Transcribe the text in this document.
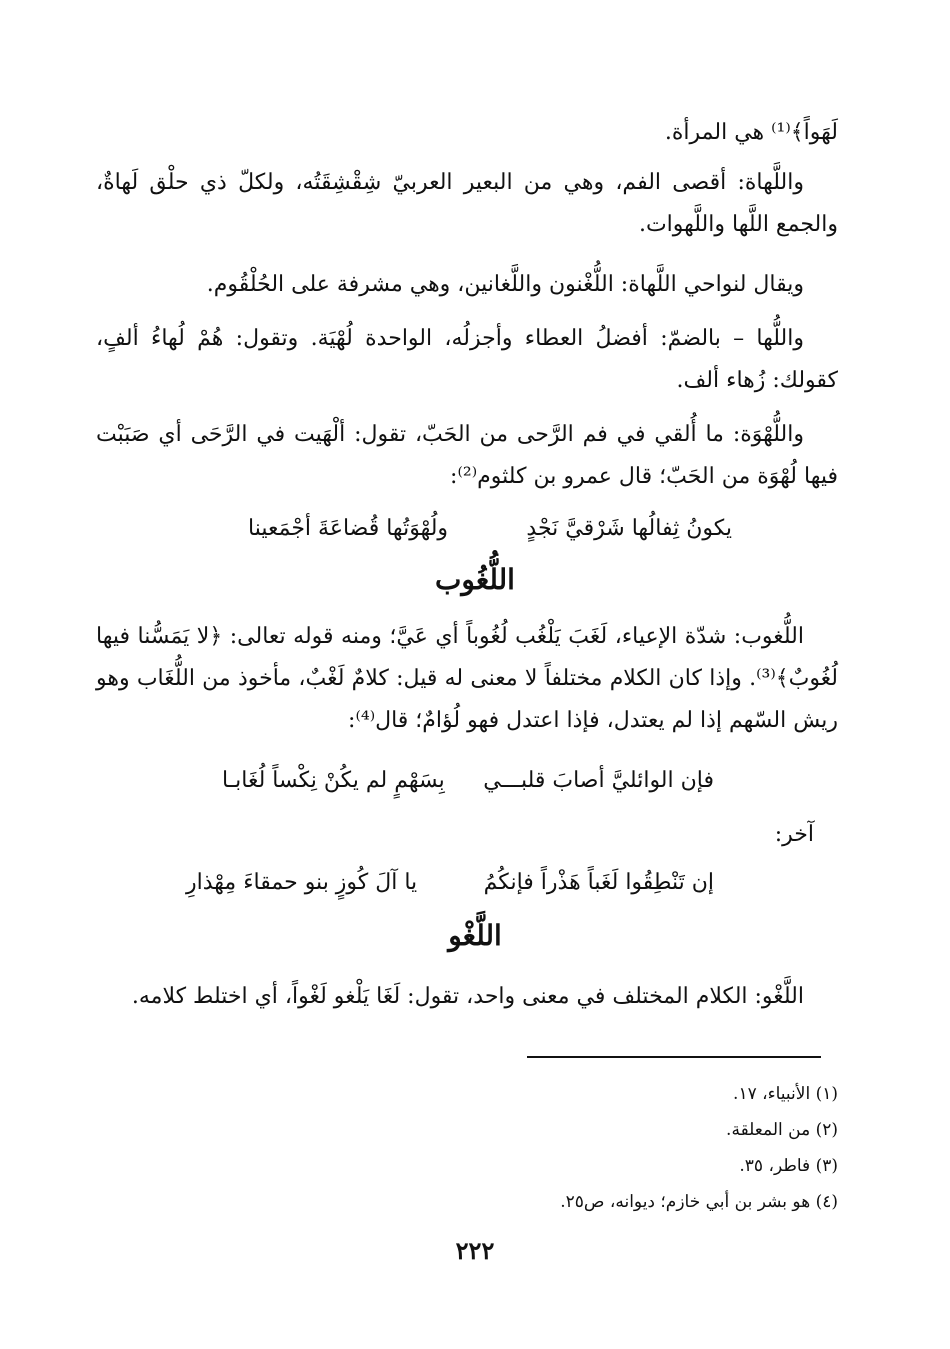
لَهَواً﴾⁽¹⁾ هي المرأة.
واللَّهاة: أقصى الفم، وهي من البعير العربيّ شِقْشِقَتُه، ولكلّ ذي حلْق لَهاةٌ، والجمع اللَّها واللَّهوات.
ويقال لنواحي اللَّهاة: اللُّغْنون واللَّغانين، وهي مشرفة على الحُلْقُوم.
واللُّها – بالضمّ: أفضلُ العطاء وأجزلُه، الواحدة لُهْيَة. وتقول: هُمْ لُهاءُ ألفٍ، كقولك: زُهاء ألف.
واللُّهْوَة: ما أُلقي في فم الرَّحى من الحَبّ، تقول: ألْهَيت في الرَّحَى أي صَبَبْت فيها لُهْوَة من الحَبّ؛ قال عمرو بن كلثوم⁽²⁾:
يكونُ ثِفالُها شَرْقيَّ نَجْدٍ
ولُهْوَتُها قُضاعَةَ أجْمَعينا
اللُّغُوب
اللُّغوب: شدّة الإعياء، لَغَبَ يَلْغُب لُغُوباً أي عَيَّ؛ ومنه قوله تعالى: ﴿لا يَمَسُّنا فيها لُغُوبٌ﴾⁽³⁾. وإذا كان الكلام مختلفاً لا معنى له قيل: كلامٌ لَغْبٌ، مأخوذ من اللُّغَاب وهو ريش السّهم إذا لم يعتدل، فإذا اعتدل فهو لُؤامٌ؛ قال⁽⁴⁾:
فإن الوائليَّ أصابَ قلبـــي
بِسَهْمٍ لم يكُنْ نِكْساً لُغَابـا
آخر:
إن تَنْطِقُوا لَغَباً هَذْراً فإنكُمُ
يا آلَ كُوزٍ بنو حمقاءَ مِهْذارِ
اللَّغْو
اللَّغْو: الكلام المختلف في معنى واحد، تقول: لَغَا يَلْغو لَغْواً، أي اختلط كلامه.
(١) الأنبياء، ١٧.
(٢) من المعلقة.
(٣) فاطر، ٣٥.
(٤) هو بشر بن أبي خازم؛ ديوانه، ص٢٥.
٢٢٢
